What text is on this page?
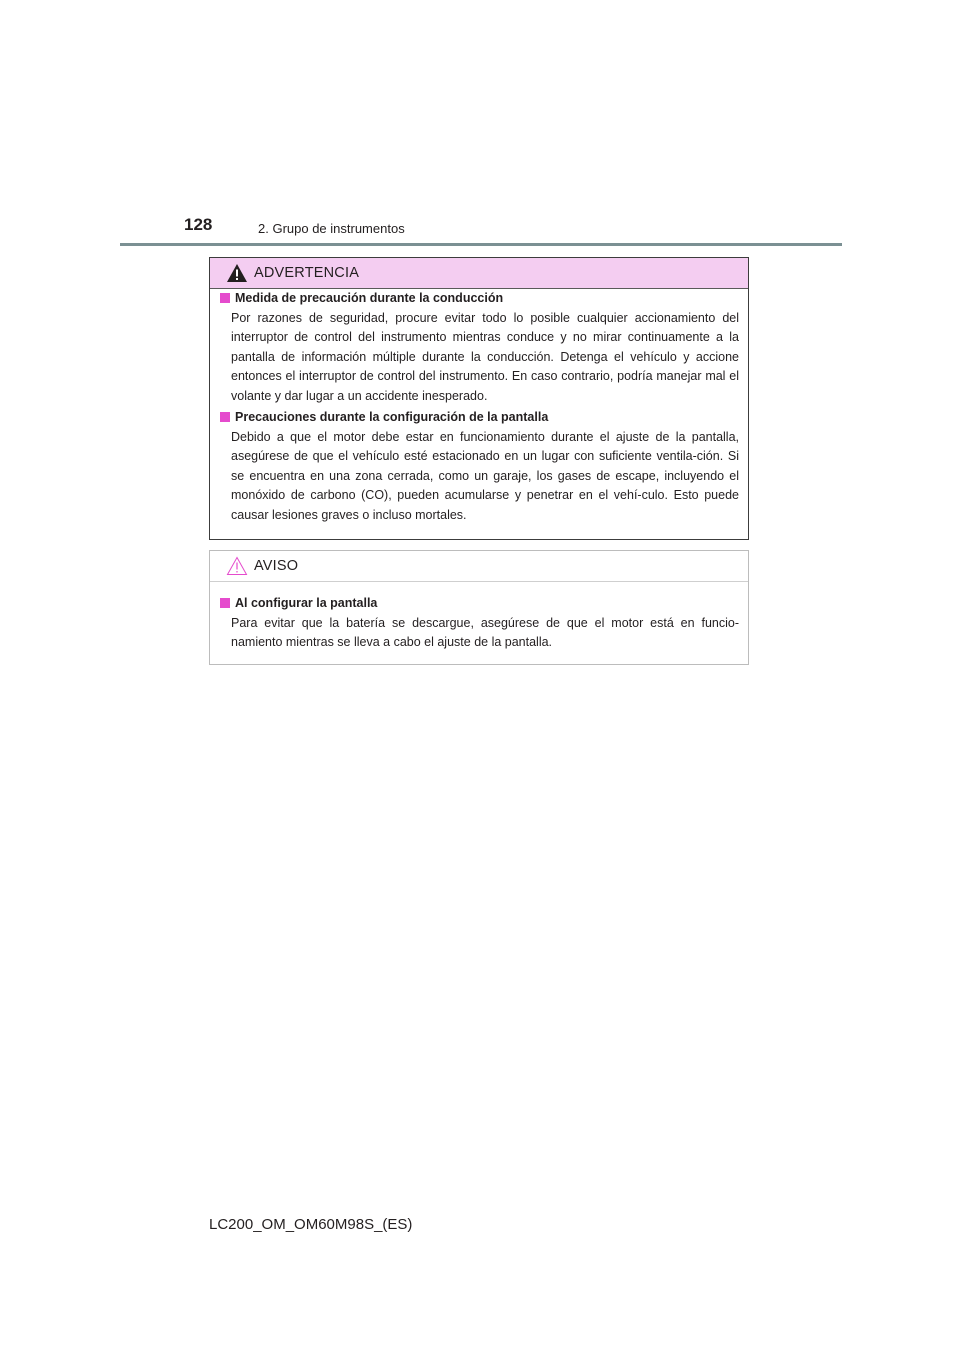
128	2. Grupo de instrumentos
ADVERTENCIA
Medida de precaución durante la conducción
Por razones de seguridad, procure evitar todo lo posible cualquier accionamiento del interruptor de control del instrumento mientras conduce y no mirar continuamente a la pantalla de información múltiple durante la conducción. Detenga el vehículo y accione entonces el interruptor de control del instrumento. En caso contrario, podría manejar mal el volante y dar lugar a un accidente inesperado.
Precauciones durante la configuración de la pantalla
Debido a que el motor debe estar en funcionamiento durante el ajuste de la pantalla, asegúrese de que el vehículo esté estacionado en un lugar con suficiente ventila-ción. Si se encuentra en una zona cerrada, como un garaje, los gases de escape, incluyendo el monóxido de carbono (CO), pueden acumularse y penetrar en el vehí-culo. Esto puede causar lesiones graves o incluso mortales.
AVISO
Al configurar la pantalla
Para evitar que la batería se descargue, asegúrese de que el motor está en funcio-namiento mientras se lleva a cabo el ajuste de la pantalla.
LC200_OM_OM60M98S_(ES)
